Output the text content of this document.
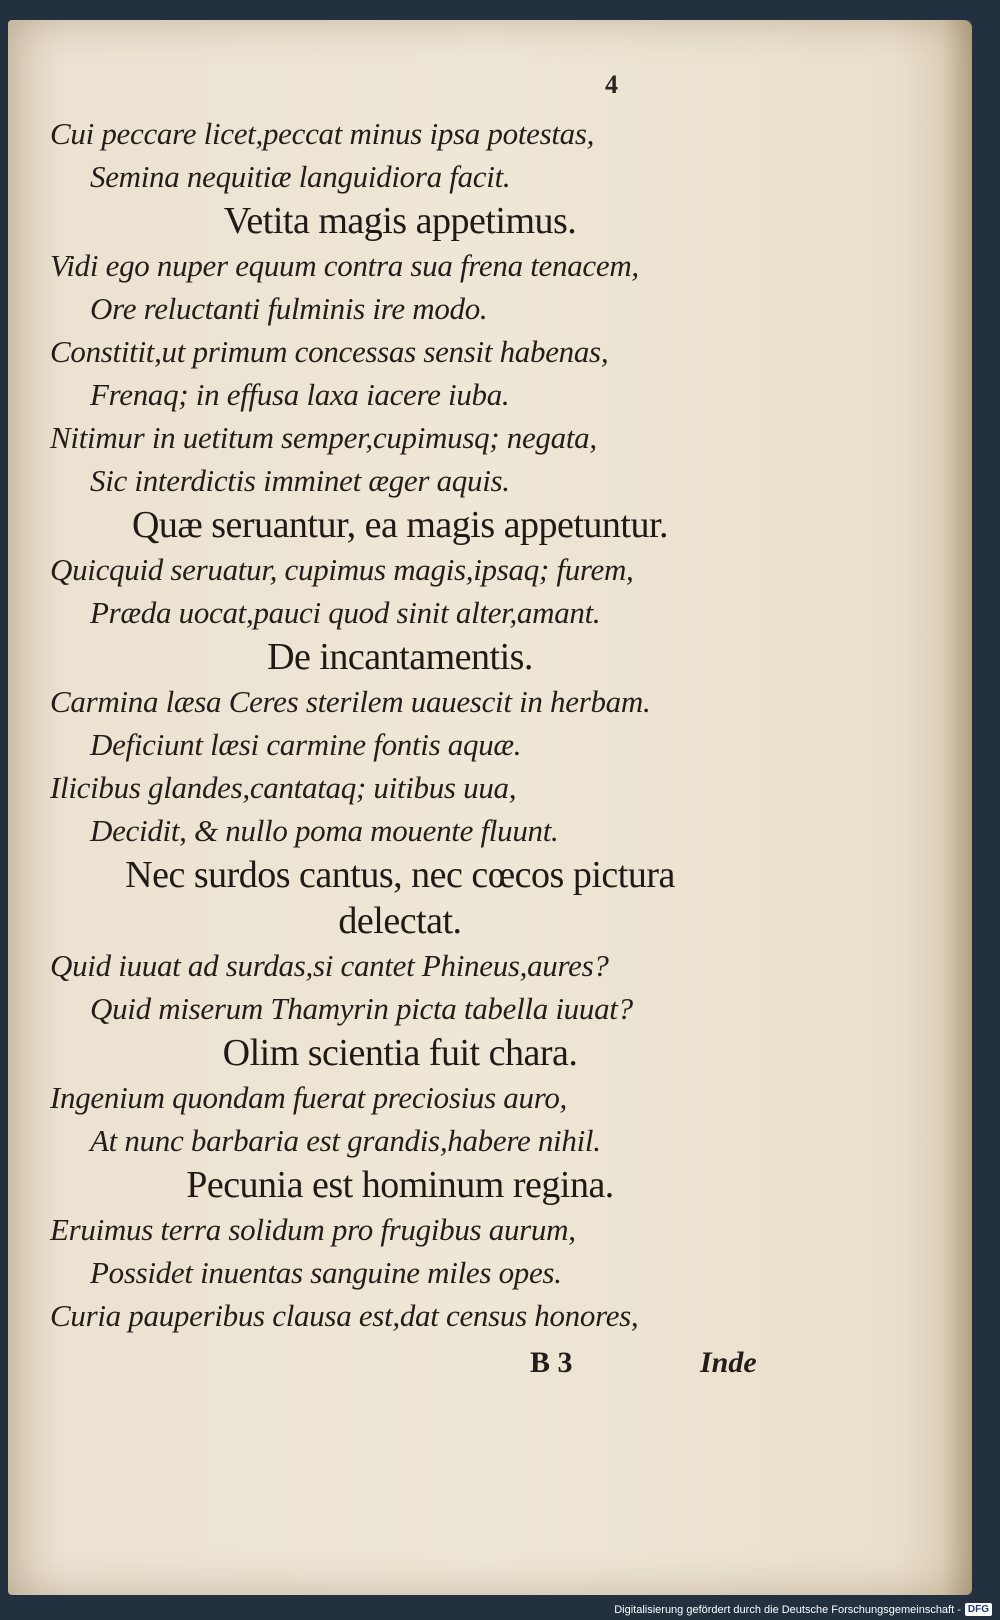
4
Cui peccare licet,peccat minus ipsa potestas,
Semina nequitiæ languidiora facit.
Vetita magis appetimus.
Vidi ego nuper equum contra sua frena tenacem,
Ore reluctanti fulminis ire modo.
Constitit,ut primum concessas sensit habenas,
Frenaq; in effusa laxa iacere iuba.
Nitimur in uetitum semper,cupimusq; negata,
Sic interdictis imminet æger aquis.
Quæ seruantur, ea magis appetuntur.
Quicquid seruatur, cupimus magis,ipsaq; furem,
Præda uocat,pauci quod sinit alter,amant.
De incantamentis.
Carmina læsa Ceres sterilem uauescit in herbam.
Deficiunt læsi carmine fontis aquæ.
Ilicibus glandes,cantataq; uitibus uua,
Decidit, & nullo poma mouente fluunt.
Nec surdos cantus, nec cœcos pictura
delectat.
Quid iuuat ad surdas,si cantet Phineus,aures?
Quid miserum Thamyrin picta tabella iuuat?
Olim scientia fuit chara.
Ingenium quondam fuerat preciosius auro,
At nunc barbaria est grandis,habere nihil.
Pecunia est hominum regina.
Eruimus terra solidum pro frugibus aurum,
Possidet inuentas sanguine miles opes.
Curia pauperibus clausa est,dat census honores,
B 3	Inde
Digitalisierung gefördert durch die Deutsche Forschungsgemeinschaft - DFG
